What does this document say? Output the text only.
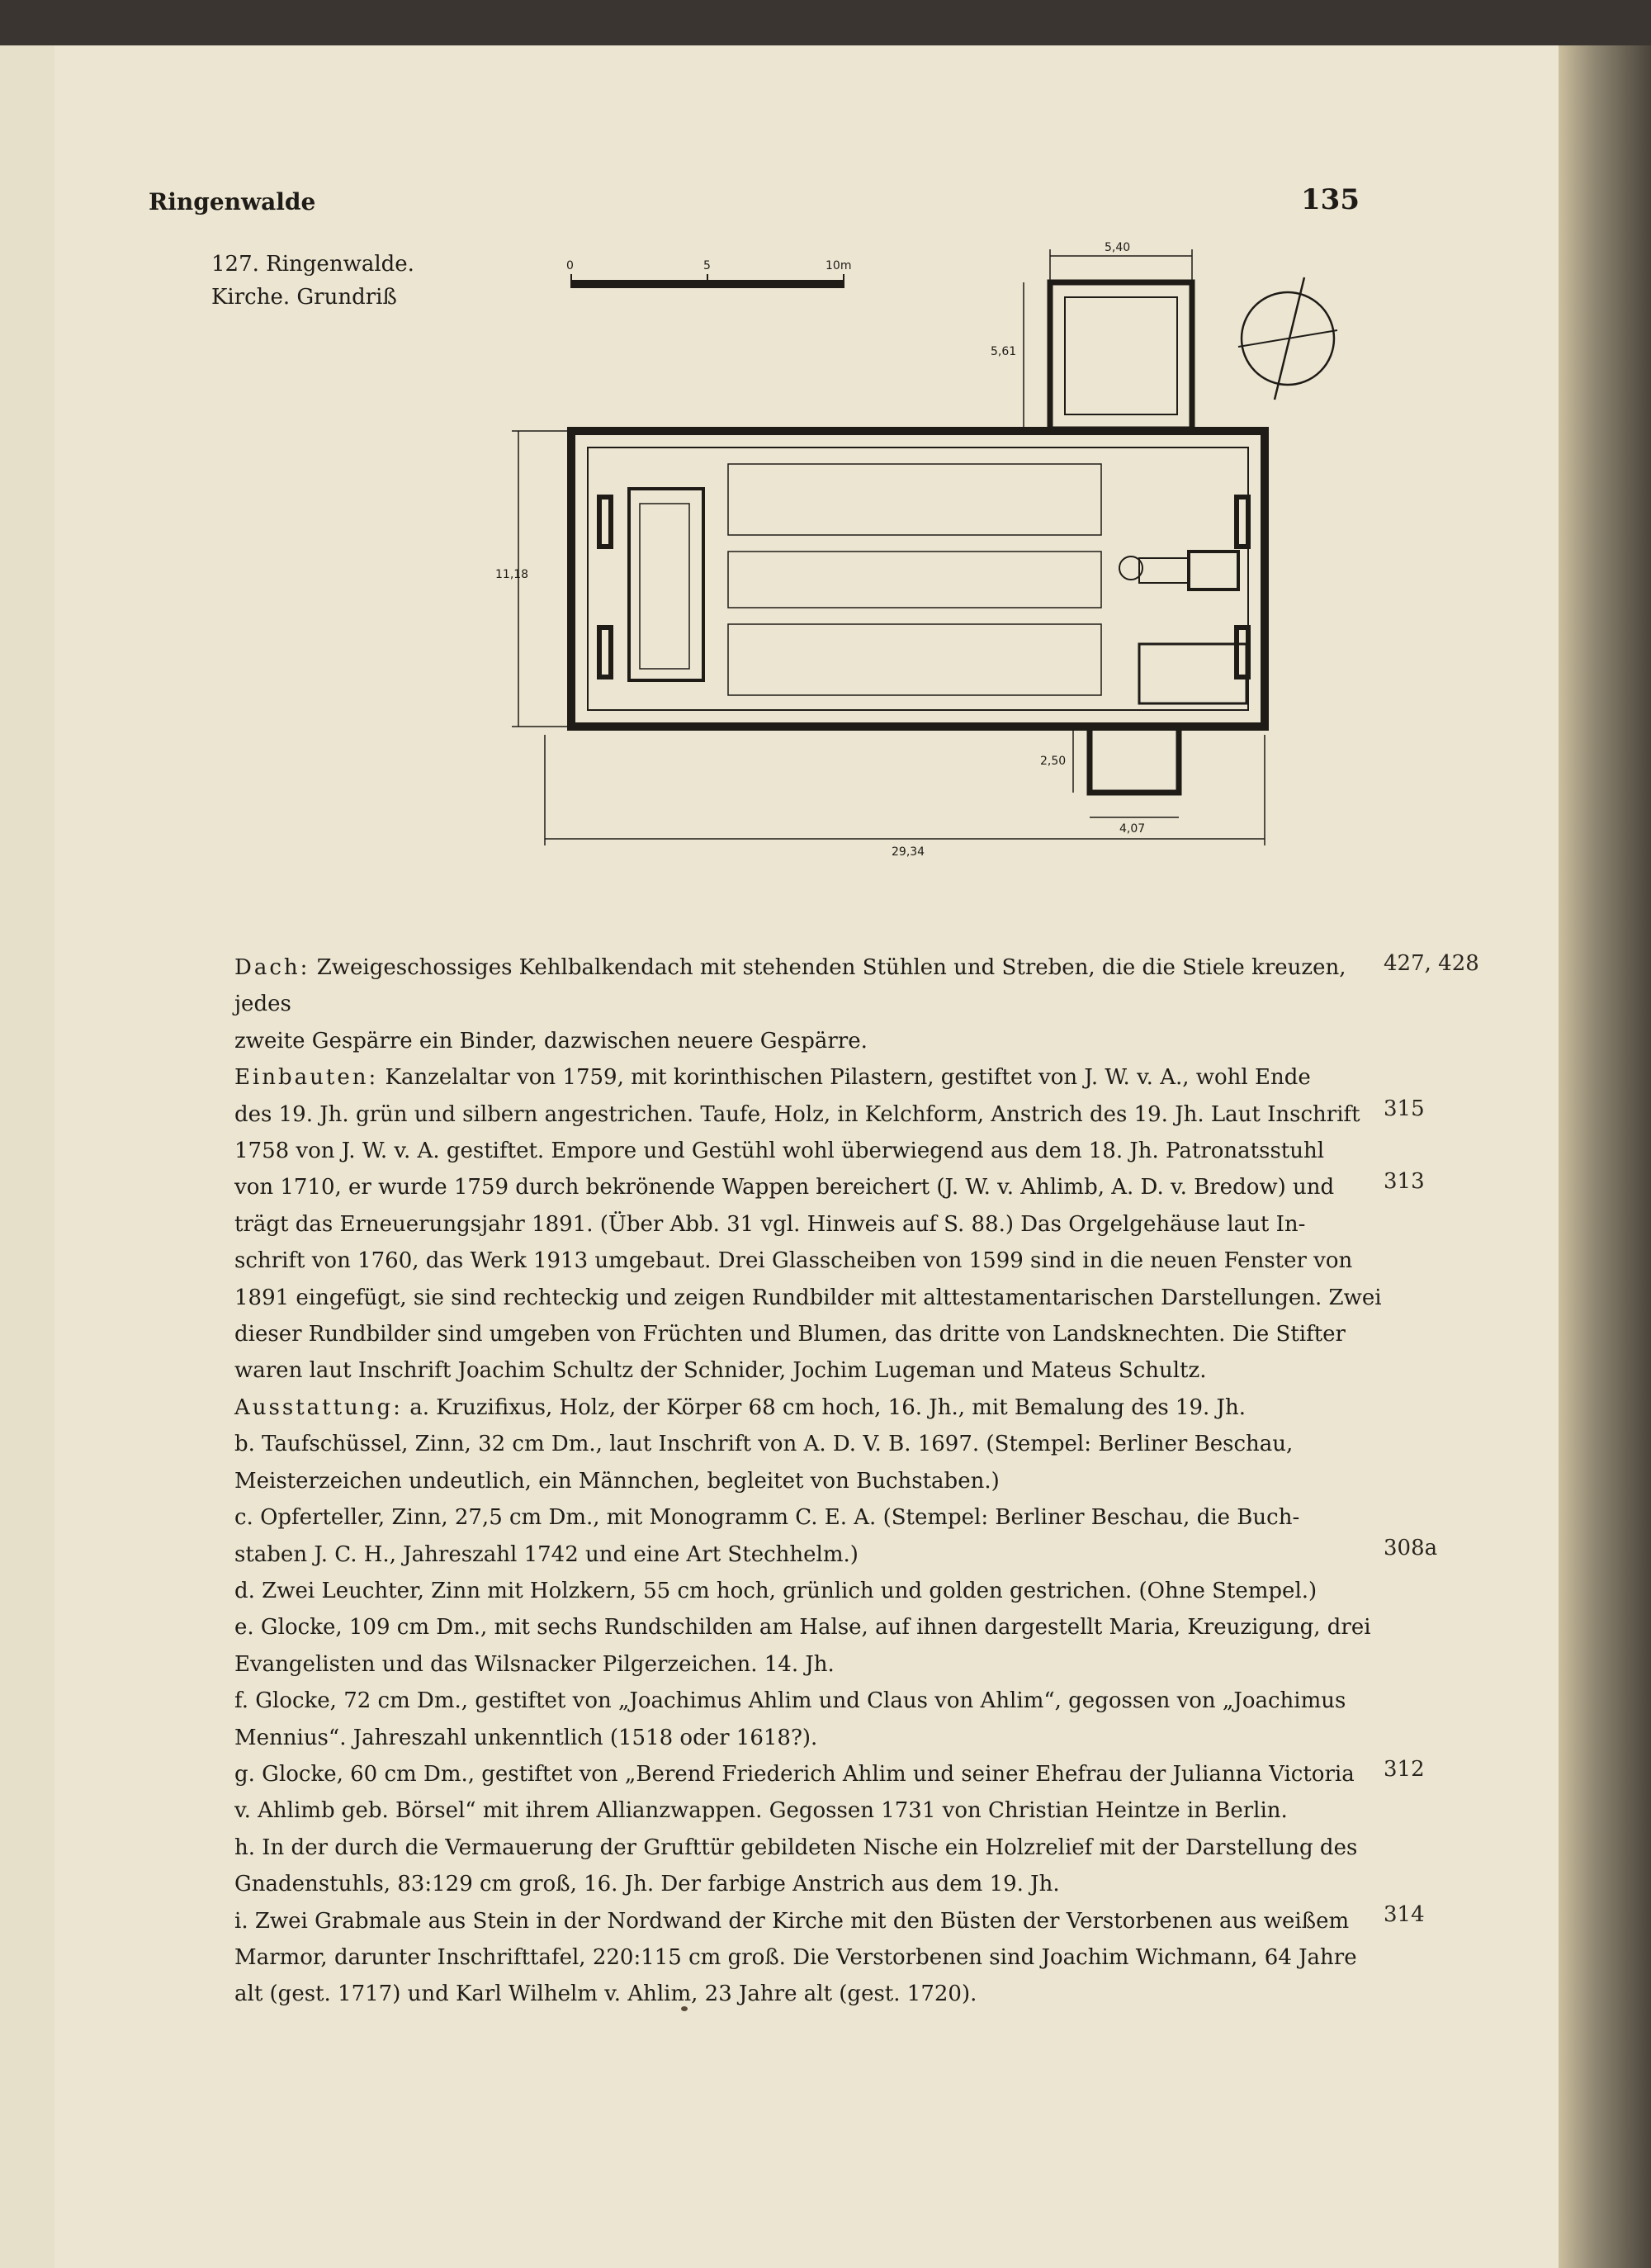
Ringenwalde	135

127. Ringenwalde.
Kirche. Grundriß

0	5	10m
5,40
5,61
11,18
2,50
4,07
29,34

Dach: Zweigeschossiges Kehlbalkendach mit stehenden Stühlen und Streben, die die Stiele kreuzen, jedes
zweite Gespärre ein Binder, dazwischen neuere Gespärre.

Einbauten: Kanzelaltar von 1759, mit korinthischen Pilastern, gestiftet von J. W. v. A., wohl Ende
des 19. Jh. grün und silbern angestrichen. Taufe, Holz, in Kelchform, Anstrich des 19. Jh. Laut Inschrift
1758 von J. W. v. A. gestiftet. Empore und Gestühl wohl überwiegend aus dem 18. Jh. Patronatsstuhl
von 1710, er wurde 1759 durch bekrönende Wappen bereichert (J. W. v. Ahlimb, A. D. v. Bredow) und
trägt das Erneuerungsjahr 1891. (Über Abb. 31 vgl. Hinweis auf S. 88.) Das Orgelgehäuse laut In-
schrift von 1760, das Werk 1913 umgebaut. Drei Glasscheiben von 1599 sind in die neuen Fenster von
1891 eingefügt, sie sind rechteckig und zeigen Rundbilder mit alttestamentarischen Darstellungen. Zwei
dieser Rundbilder sind umgeben von Früchten und Blumen, das dritte von Landsknechten. Die Stifter
waren laut Inschrift Joachim Schultz der Schnider, Jochim Lugeman und Mateus Schultz.

Ausstattung: a. Kruzifixus, Holz, der Körper 68 cm hoch, 16. Jh., mit Bemalung des 19. Jh.
b. Taufschüssel, Zinn, 32 cm Dm., laut Inschrift von A. D. V. B. 1697. (Stempel: Berliner Beschau,
Meisterzeichen undeutlich, ein Männchen, begleitet von Buchstaben.)
c. Opferteller, Zinn, 27,5 cm Dm., mit Monogramm C. E. A. (Stempel: Berliner Beschau, die Buch-
staben J. C. H., Jahreszahl 1742 und eine Art Stechhelm.)
d. Zwei Leuchter, Zinn mit Holzkern, 55 cm hoch, grünlich und golden gestrichen. (Ohne Stempel.)
e. Glocke, 109 cm Dm., mit sechs Rundschilden am Halse, auf ihnen dargestellt Maria, Kreuzigung, drei
Evangelisten und das Wilsnacker Pilgerzeichen. 14. Jh.
f. Glocke, 72 cm Dm., gestiftet von „Joachimus Ahlim und Claus von Ahlim“, gegossen von „Joachimus
Mennius“. Jahreszahl unkenntlich (1518 oder 1618?).
g. Glocke, 60 cm Dm., gestiftet von „Berend Friederich Ahlim und seiner Ehefrau der Julianna Victoria
v. Ahlimb geb. Börsel“ mit ihrem Allianzwappen. Gegossen 1731 von Christian Heintze in Berlin.
h. In der durch die Vermauerung der Grufttür gebildeten Nische ein Holzrelief mit der Darstellung des
Gnadenstuhls, 83:129 cm groß, 16. Jh. Der farbige Anstrich aus dem 19. Jh.
i. Zwei Grabmale aus Stein in der Nordwand der Kirche mit den Büsten der Verstorbenen aus weißem
Marmor, darunter Inschrifttafel, 220:115 cm groß. Die Verstorbenen sind Joachim Wichmann, 64 Jahre
alt (gest. 1717) und Karl Wilhelm v. Ahlim, 23 Jahre alt (gest. 1720).

427, 428

315

313

308a

312

314
